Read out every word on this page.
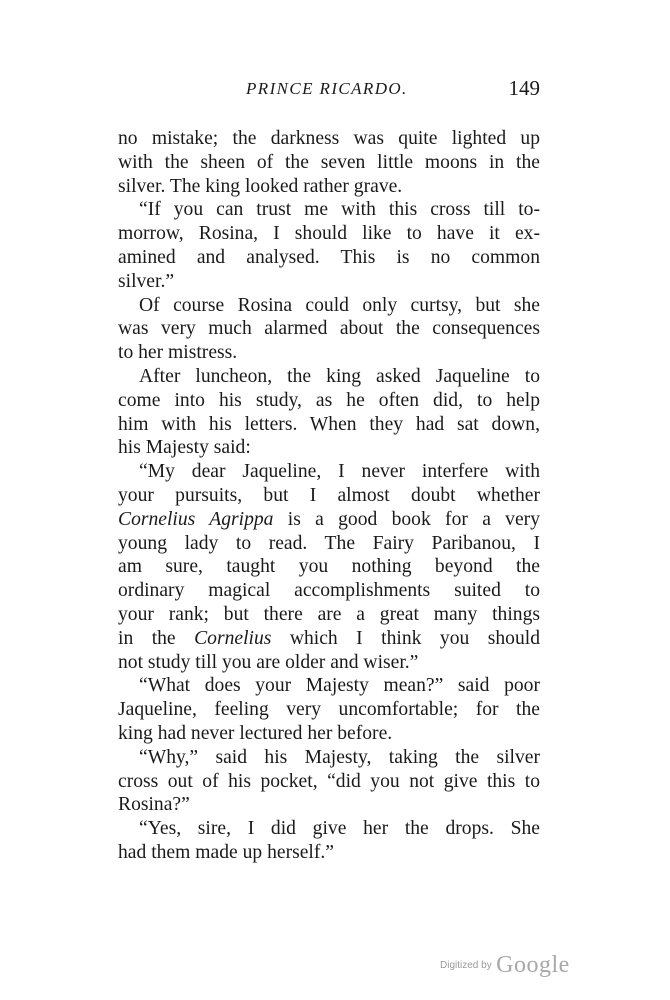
PRINCE RICARDO.	149
no mistake; the darkness was quite lighted up
with the sheen of the seven little moons in the
silver. The king looked rather grave.
“If you can trust me with this cross till to-
morrow, Rosina, I should like to have it ex-
amined and analysed. This is no common
silver.”
Of course Rosina could only curtsy, but she
was very much alarmed about the consequences
to her mistress.
After luncheon, the king asked Jaqueline to
come into his study, as he often did, to help
him with his letters. When they had sat down,
his Majesty said:
“My dear Jaqueline, I never interfere with
your pursuits, but I almost doubt whether
Cornelius Agrippa is a good book for a very
young lady to read. The Fairy Paribanou, I
am sure, taught you nothing beyond the
ordinary magical accomplishments suited to
your rank; but there are a great many things
in the Cornelius which I think you should
not study till you are older and wiser.”
“What does your Majesty mean?” said poor
Jaqueline, feeling very uncomfortable; for the
king had never lectured her before.
“Why,” said his Majesty, taking the silver
cross out of his pocket, “did you not give this to
Rosina?”
“Yes, sire, I did give her the drops. She
had them made up herself.”
Digitized by Google
